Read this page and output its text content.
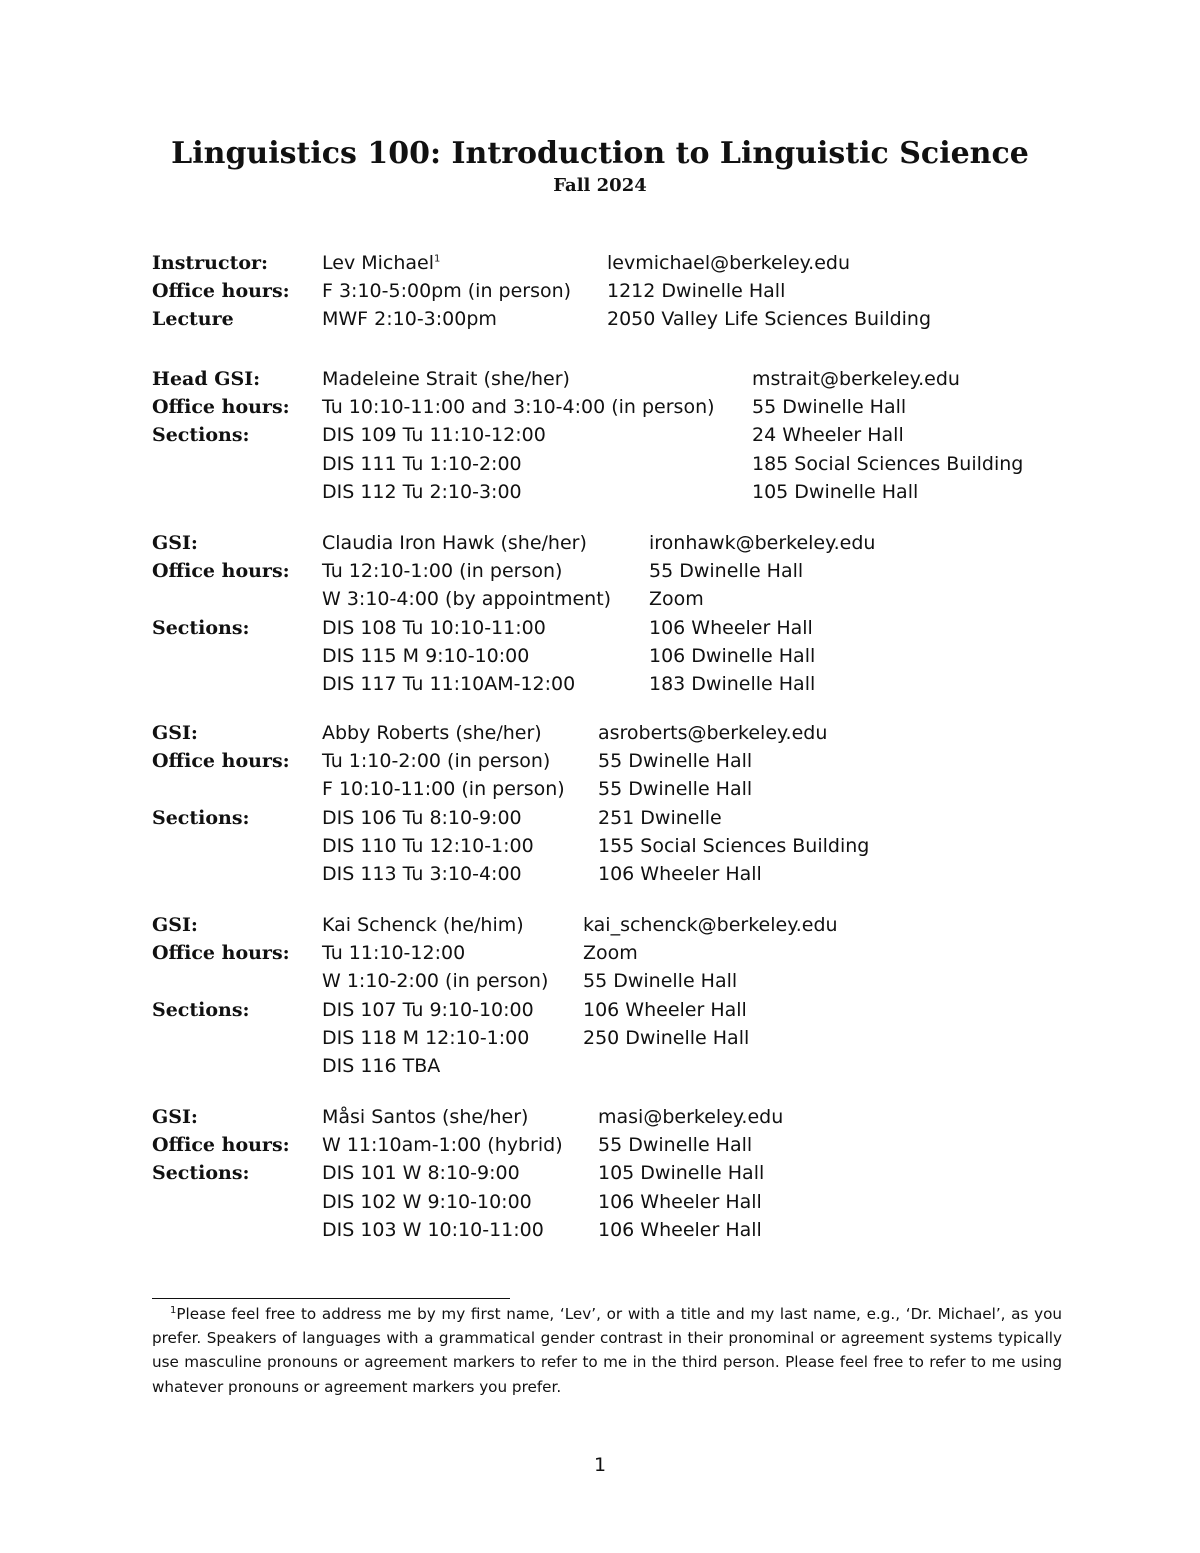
Linguistics 100: Introduction to Linguistic Science
Fall 2024
Instructor:	Lev Michael$^1$	levmichael@berkeley.edu
Office hours:	F 3:10-5:00pm (in person)	1212 Dwinelle Hall
Lecture	MWF 2:10-3:00pm	2050 Valley Life Sciences Building
Head GSI:	Madeleine Strait (she/her)	mstrait@berkeley.edu
Office hours:	Tu 10:10-11:00 and 3:10-4:00 (in person)	55 Dwinelle Hall
Sections:	DIS 109 Tu 11:10-12:00	24 Wheeler Hall
	DIS 111 Tu 1:10-2:00	185 Social Sciences Building
	DIS 112 Tu 2:10-3:00	105 Dwinelle Hall
GSI:	Claudia Iron Hawk (she/her)	ironhawk@berkeley.edu
Office hours:	Tu 12:10-1:00 (in person)	55 Dwinelle Hall
	W 3:10-4:00 (by appointment)	Zoom
Sections:	DIS 108 Tu 10:10-11:00	106 Wheeler Hall
	DIS 115 M 9:10-10:00	106 Dwinelle Hall
	DIS 117 Tu 11:10AM-12:00	183 Dwinelle Hall
GSI:	Abby Roberts (she/her)	asroberts@berkeley.edu
Office hours:	Tu 1:10-2:00 (in person)	55 Dwinelle Hall
	F 10:10-11:00 (in person)	55 Dwinelle Hall
Sections:	DIS 106 Tu 8:10-9:00	251 Dwinelle
	DIS 110 Tu 12:10-1:00	155 Social Sciences Building
	DIS 113 Tu 3:10-4:00	106 Wheeler Hall
GSI:	Kai Schenck (he/him)	kai_schenck@berkeley.edu
Office hours:	Tu 11:10-12:00	Zoom
	W 1:10-2:00 (in person)	55 Dwinelle Hall
Sections:	DIS 107 Tu 9:10-10:00	106 Wheeler Hall
	DIS 118 M 12:10-1:00	250 Dwinelle Hall
	DIS 116 TBA	
GSI:	Måsi Santos (she/her)	masi@berkeley.edu
Office hours:	W 11:10am-1:00 (hybrid)	55 Dwinelle Hall
Sections:	DIS 101 W 8:10-9:00	105 Dwinelle Hall
	DIS 102 W 9:10-10:00	106 Wheeler Hall
	DIS 103 W 10:10-11:00	106 Wheeler Hall

$^1$Please feel free to address me by my first name, ‘Lev’, or with a title and my last name, e.g., ‘Dr. Michael’, as you prefer. Speakers of languages with a grammatical gender contrast in their pronominal or agreement systems typically use masculine pronouns or agreement markers to refer to me in the third person. Please feel free to refer to me using whatever pronouns or agreement markers you prefer.

1
